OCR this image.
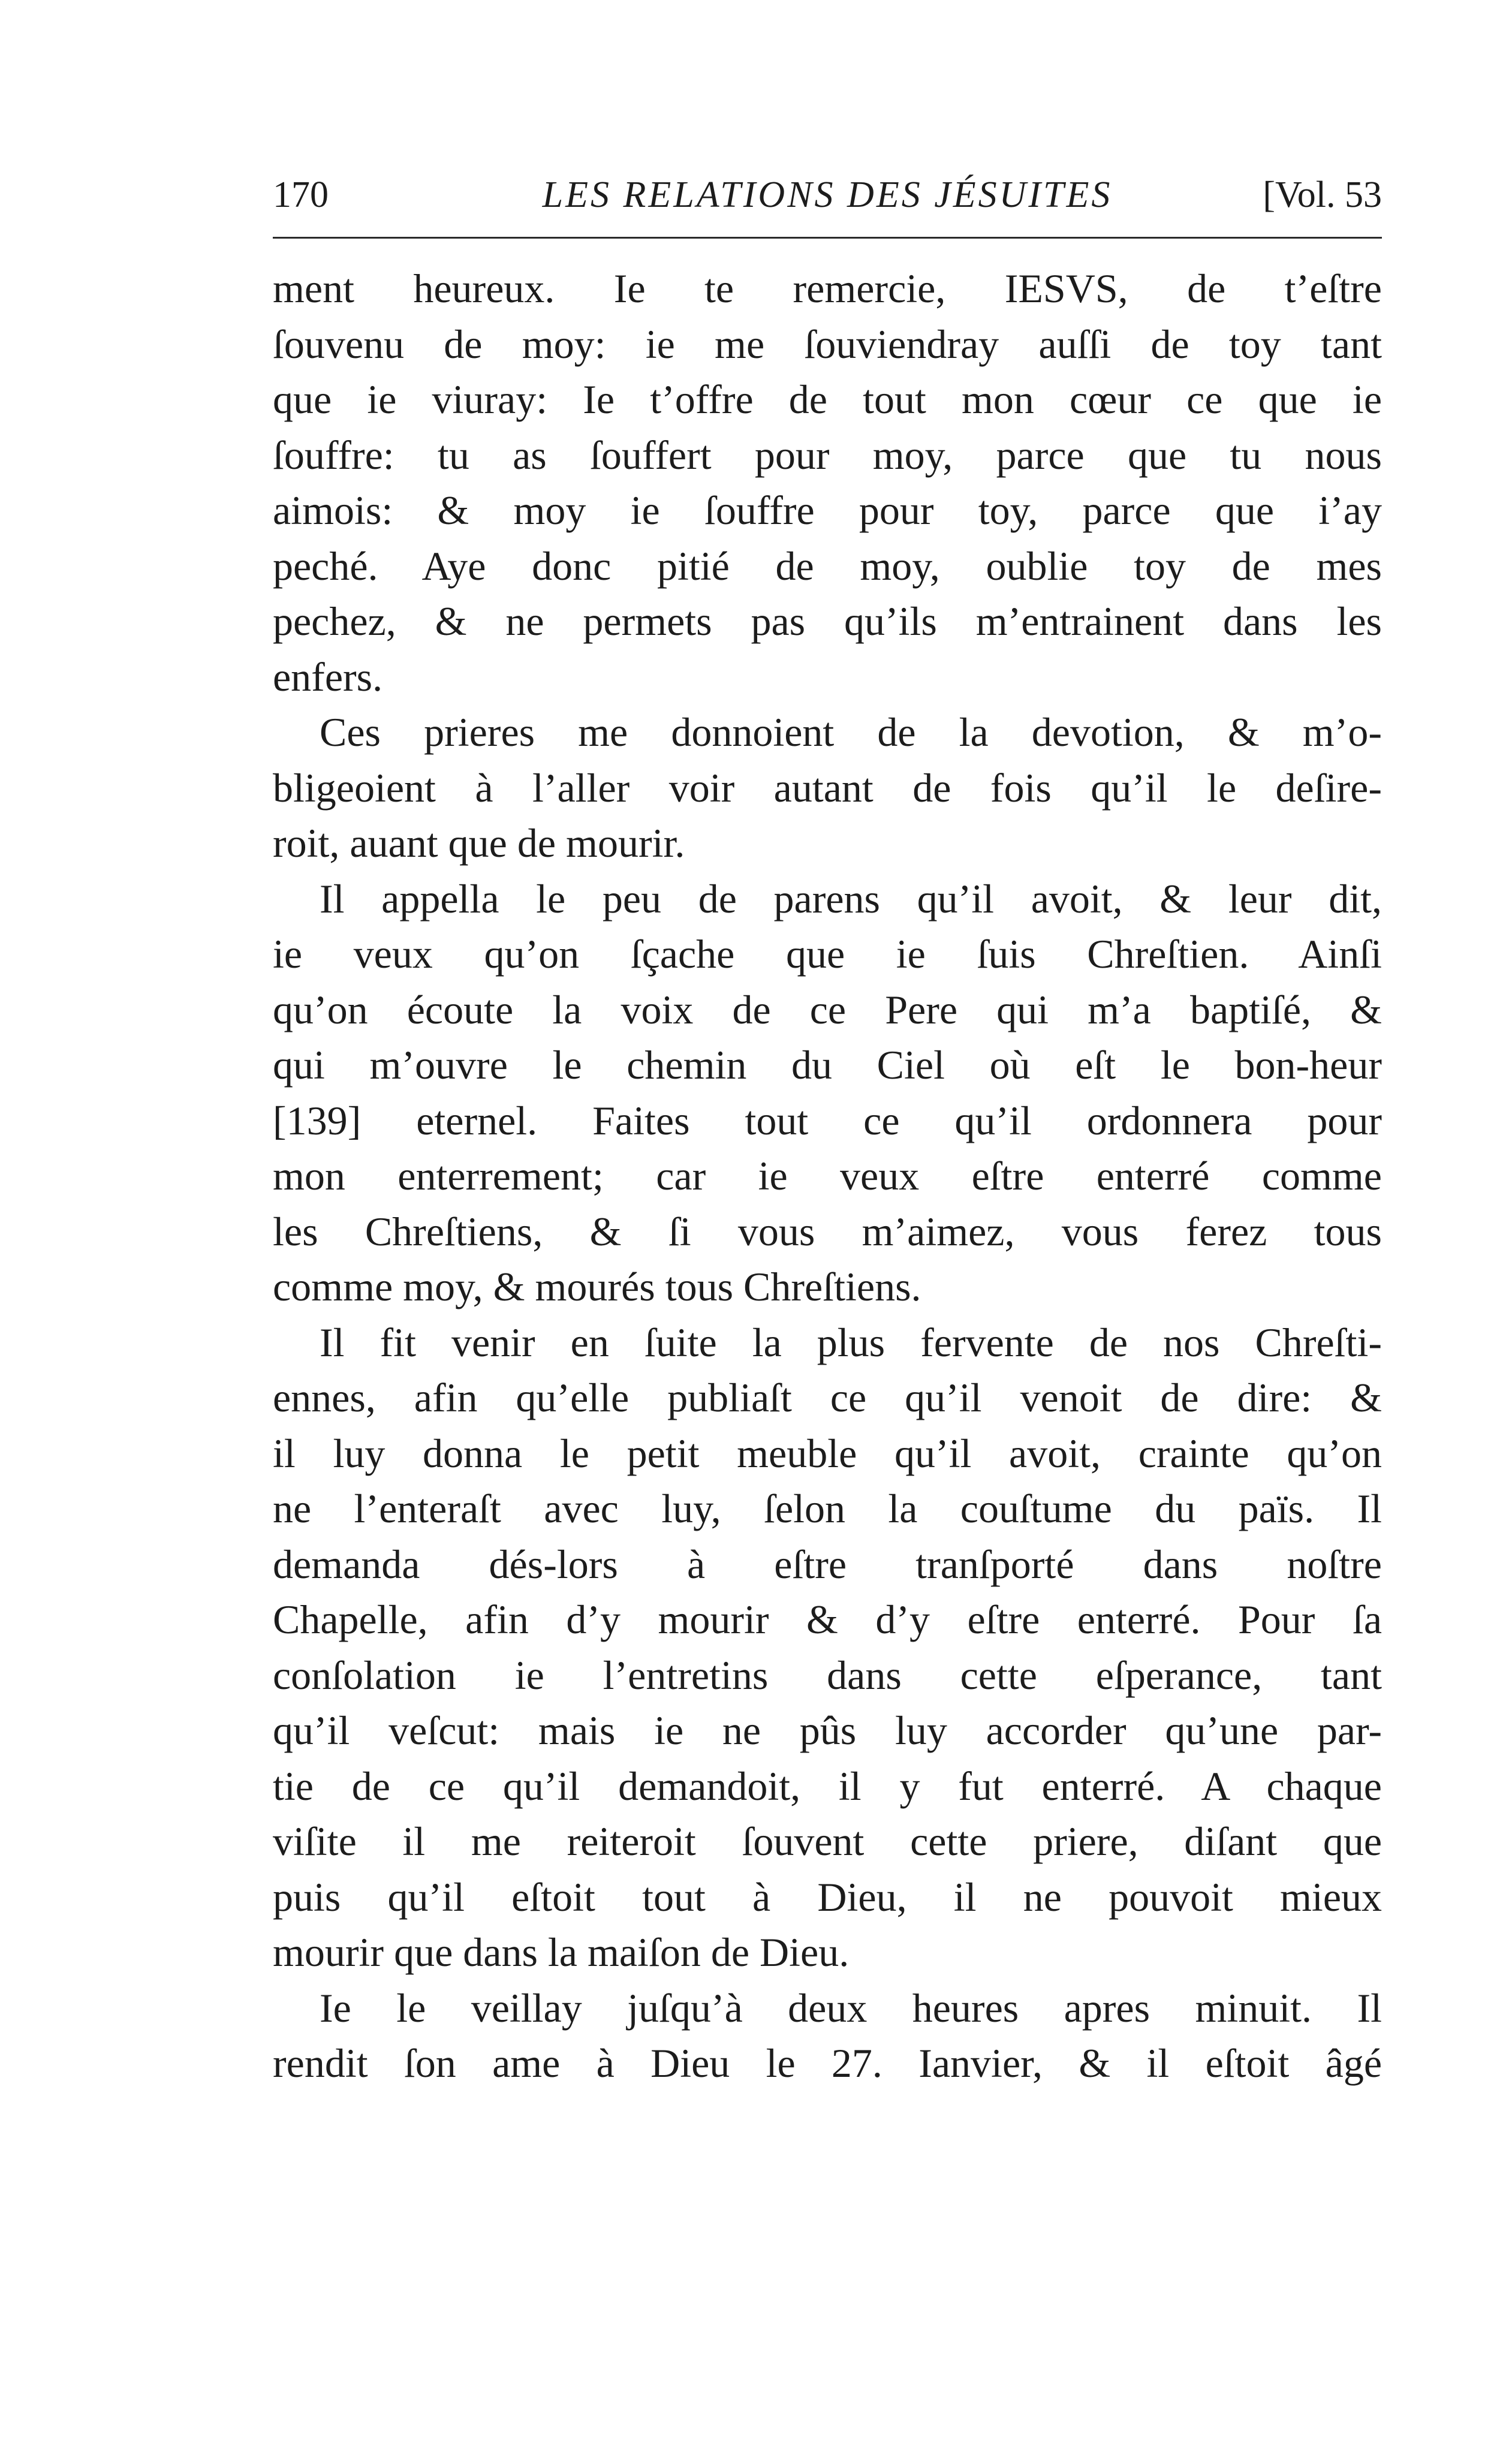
170	LES RELATIONS DES JÉSUITES	[Vol. 53
ment heureux. Ie te remercie, IESVS, de t’eſtre
ſouvenu de moy: ie me ſouviendray auſſi de toy tant
que ie viuray: Ie t’offre de tout mon cœur ce que ie
ſouffre: tu as ſouffert pour moy, parce que tu nous
aimois: & moy ie ſouffre pour toy, parce que i’ay
peché. Aye donc pitié de moy, oublie toy de mes
pechez, & ne permets pas qu’ils m’entrainent dans les
enfers.
Ces prieres me donnoient de la devotion, & m’o-
bligeoient à l’aller voir autant de fois qu’il le deſire-
roit, auant que de mourir.
Il appella le peu de parens qu’il avoit, & leur dit,
ie veux qu’on ſçache que ie ſuis Chreſtien. Ainſi
qu’on écoute la voix de ce Pere qui m’a baptiſé, &
qui m’ouvre le chemin du Ciel où eſt le bon-heur
[139] eternel. Faites tout ce qu’il ordonnera pour
mon enterrement; car ie veux eſtre enterré comme
les Chreſtiens, & ſi vous m’aimez, vous ferez tous
comme moy, & mourés tous Chreſtiens.
Il fit venir en ſuite la plus fervente de nos Chreſti-
ennes, afin qu’elle publiaſt ce qu’il venoit de dire: &
il luy donna le petit meuble qu’il avoit, crainte qu’on
ne l’enteraſt avec luy, ſelon la couſtume du païs. Il
demanda dés-lors à eſtre tranſporté dans noſtre
Chapelle, afin d’y mourir & d’y eſtre enterré. Pour ſa
conſolation ie l’entretins dans cette eſperance, tant
qu’il veſcut: mais ie ne pûs luy accorder qu’une par-
tie de ce qu’il demandoit, il y fut enterré. A chaque
viſite il me reiteroit ſouvent cette priere, diſant que
puis qu’il eſtoit tout à Dieu, il ne pouvoit mieux
mourir que dans la maiſon de Dieu.
Ie le veillay juſqu’à deux heures apres minuit. Il
rendit ſon ame à Dieu le 27. Ianvier, & il eſtoit âgé
